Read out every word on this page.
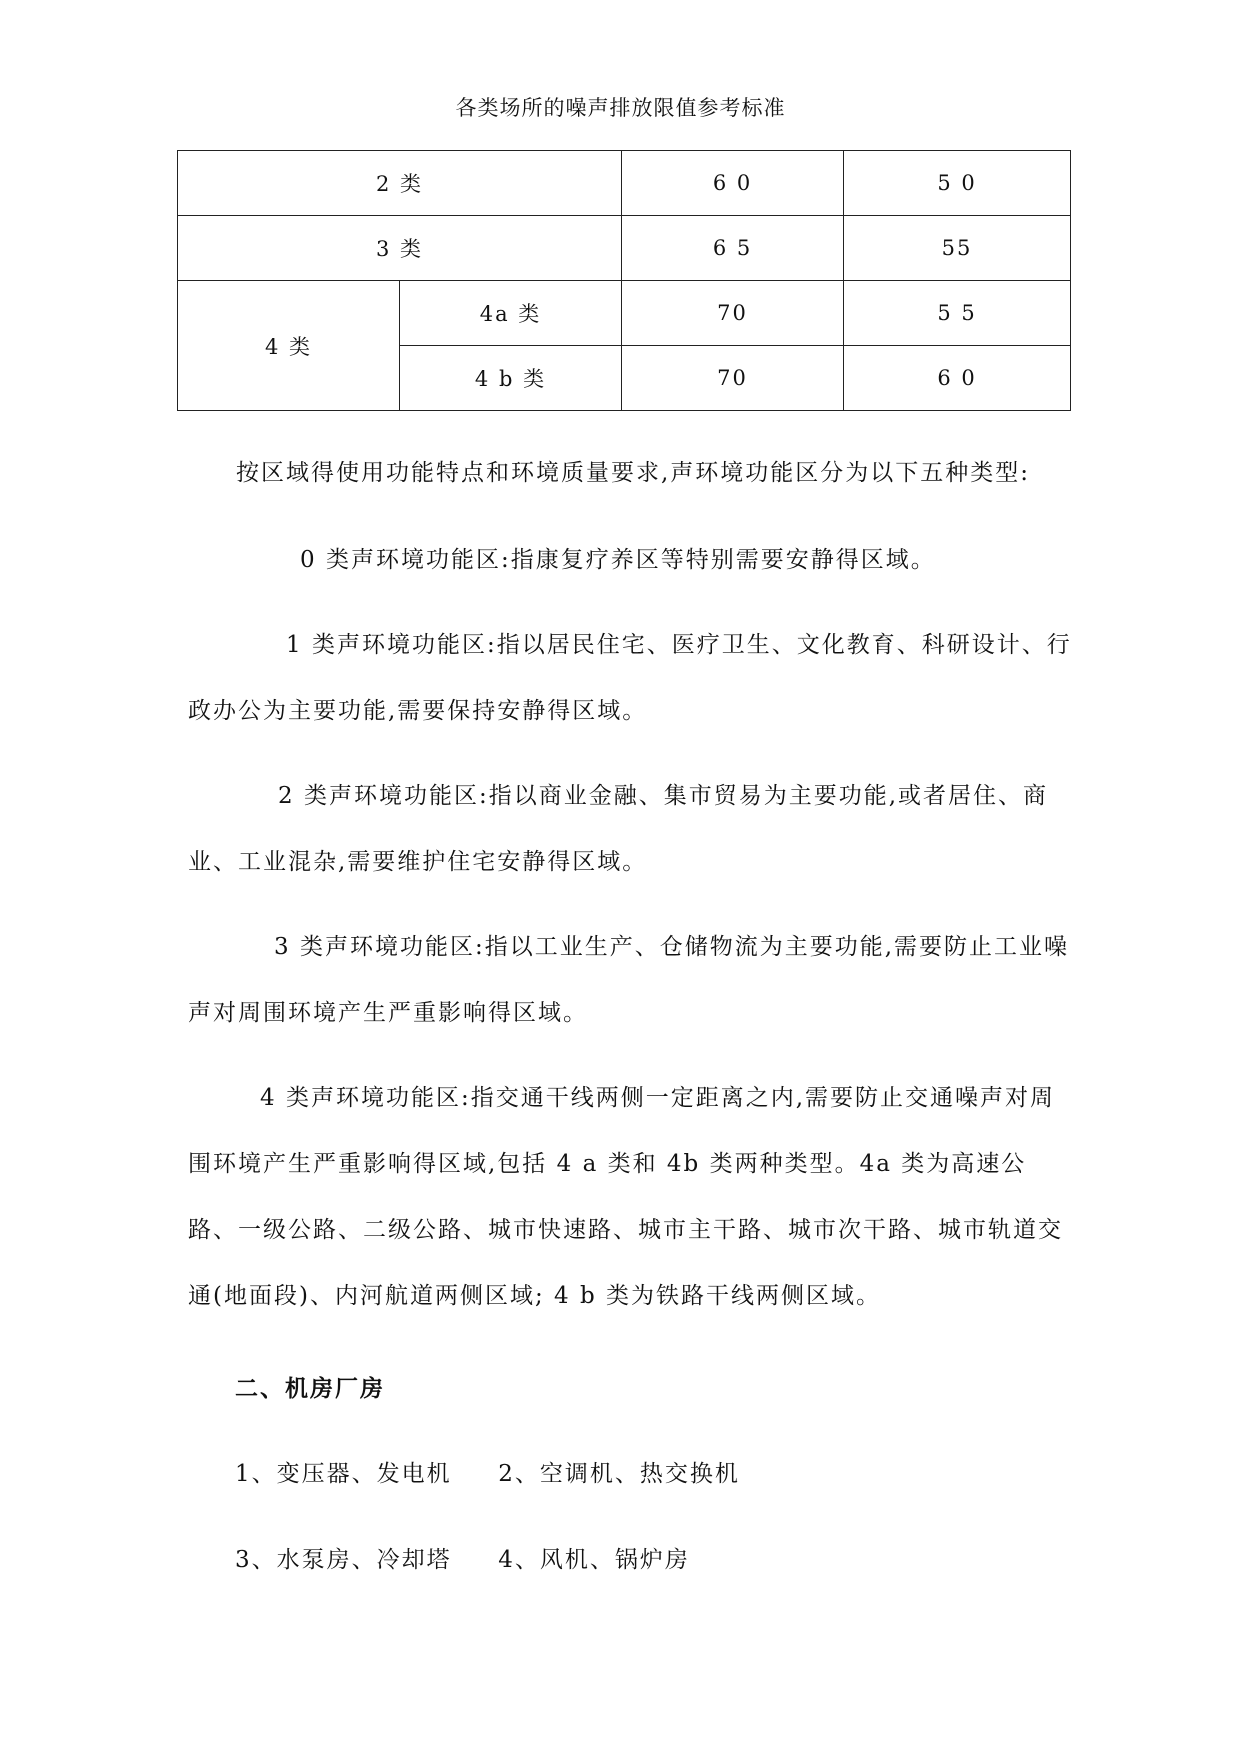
各类场所的噪声排放限值参考标准
2 类		6 0	5 0
3 类		6 5	55
4 类	4a 类	70	5 5
	4 b 类	70	6 0

按区域得使用功能特点和环境质量要求,声环境功能区分为以下五种类型:

0 类声环境功能区:指康复疗养区等特别需要安静得区域。

1 类声环境功能区:指以居民住宅、医疗卫生、文化教育、科研设计、行政办公为主要功能,需要保持安静得区域。

2 类声环境功能区:指以商业金融、集市贸易为主要功能,或者居住、商业、工业混杂,需要维护住宅安静得区域。

3 类声环境功能区:指以工业生产、仓储物流为主要功能,需要防止工业噪声对周围环境产生严重影响得区域。

4 类声环境功能区:指交通干线两侧一定距离之内,需要防止交通噪声对周围环境产生严重影响得区域,包括 4 a 类和 4b 类两种类型。4a 类为高速公路、一级公路、二级公路、城市快速路、城市主干路、城市次干路、城市轨道交通(地面段)、内河航道两侧区域; 4 b 类为铁路干线两侧区域。

二、机房厂房

1、变压器、发电机     2、空调机、热交换机

3、水泵房、冷却塔     4、风机、锅炉房
